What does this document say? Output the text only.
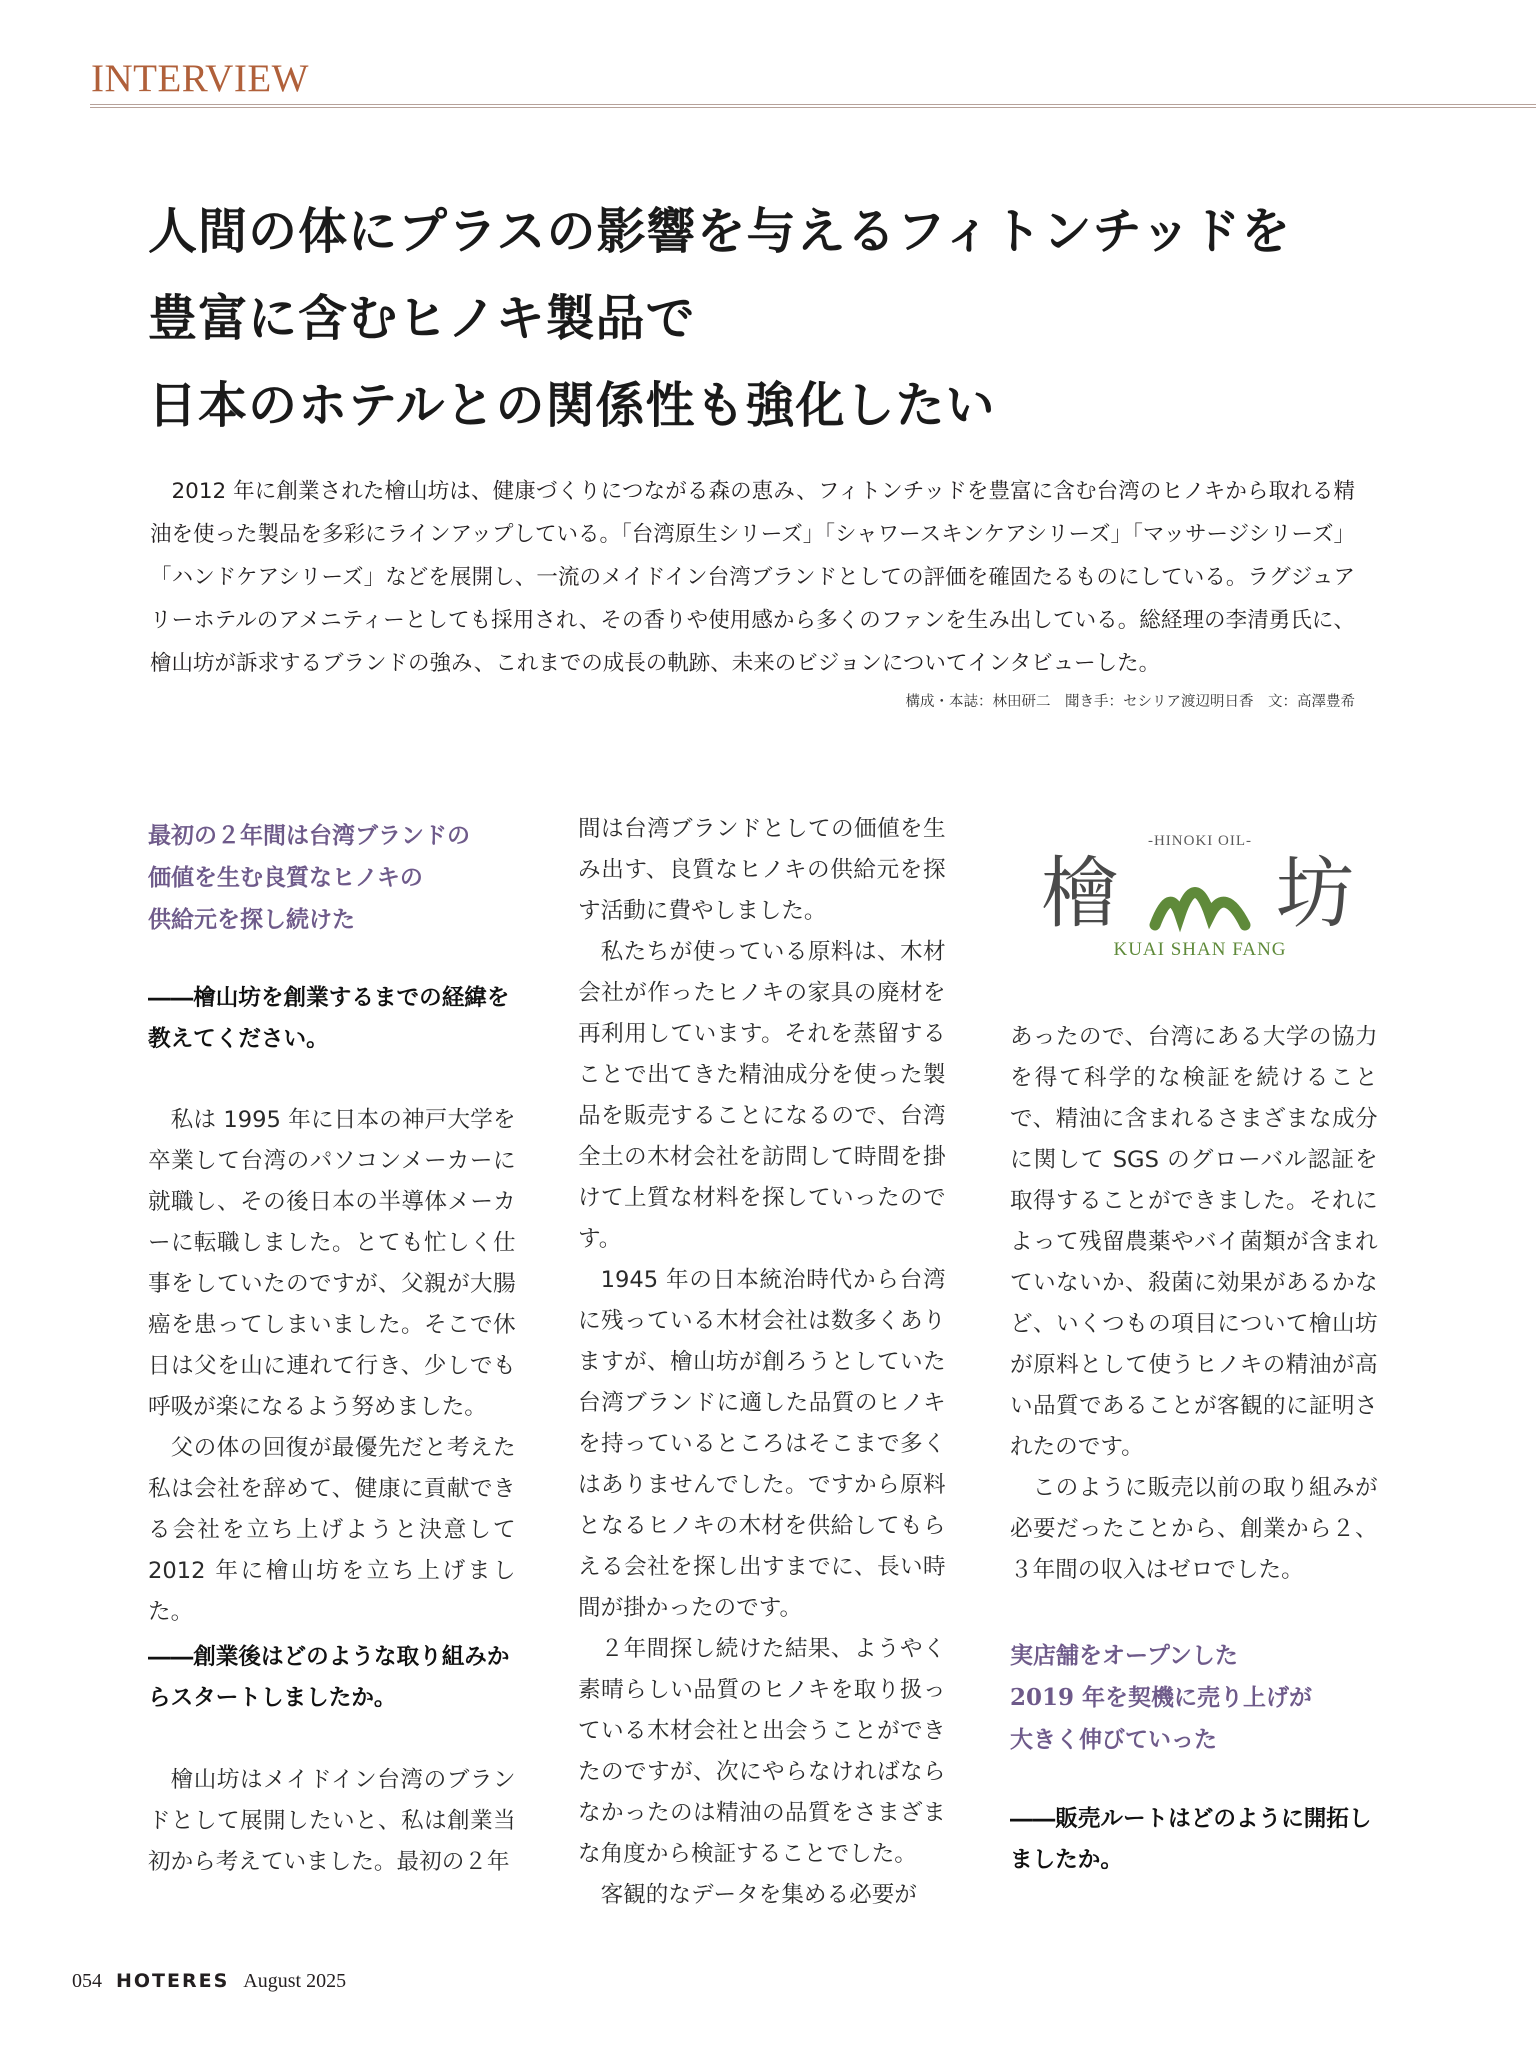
INTERVIEW
人間の体にプラスの影響を与えるフィトンチッドを
豊富に含むヒノキ製品で
日本のホテルとの関係性も強化したい
2012 年に創業された檜山坊は、健康づくりにつながる森の恵み、フィトンチッドを豊富に含む台湾のヒノキから取れる精油を使った製品を多彩にラインアップしている。「台湾原生シリーズ」「シャワースキンケアシリーズ」「マッサージシリーズ」「ハンドケアシリーズ」などを展開し、一流のメイドイン台湾ブランドとしての評価を確固たるものにしている。ラグジュアリーホテルのアメニティーとしても採用され、その香りや使用感から多くのファンを生み出している。総経理の李清勇氏に、檜山坊が訴求するブランドの強み、これまでの成長の軌跡、未来のビジョンについてインタビューした。
構成・本誌：林田研二　聞き手：セシリア渡辺明日香　文：高澤豊希
最初の２年間は台湾ブランドの
価値を生む良質なヒノキの
供給元を探し続けた
――檜山坊を創業するまでの経緯を教えてください。

私は 1995 年に日本の神戸大学を卒業して台湾のパソコンメーカーに就職し、その後日本の半導体メーカーに転職しました。とても忙しく仕事をしていたのですが、父親が大腸癌を患ってしまいました。そこで休日は父を山に連れて行き、少しでも呼吸が楽になるよう努めました。

父の体の回復が最優先だと考えた私は会社を辞めて、健康に貢献できる会社を立ち上げようと決意して2012 年に檜山坊を立ち上げました。

――創業後はどのような取り組みからスタートしましたか。

檜山坊はメイドイン台湾のブランドとして展開したいと、私は創業当初から考えていました。最初の２年

間は台湾ブランドとしての価値を生み出す、良質なヒノキの供給元を探す活動に費やしました。

私たちが使っている原料は、木材会社が作ったヒノキの家具の廃材を再利用しています。それを蒸留することで出てきた精油成分を使った製品を販売することになるので、台湾全土の木材会社を訪問して時間を掛けて上質な材料を探していったのです。

1945 年の日本統治時代から台湾に残っている木材会社は数多くありますが、檜山坊が創ろうとしていた台湾ブランドに適した品質のヒノキを持っているところはそこまで多くはありませんでした。ですから原料となるヒノキの木材を供給してもらえる会社を探し出すまでに、長い時間が掛かったのです。

２年間探し続けた結果、ようやく素晴らしい品質のヒノキを取り扱っている木材会社と出会うことができたのですが、次にやらなければならなかったのは精油の品質をさまざまな角度から検証することでした。

客観的なデータを集める必要が

-HINOKI OIL-
檜 坊
KUAI SHAN FANG

あったので、台湾にある大学の協力を得て科学的な検証を続けることで、精油に含まれるさまざまな成分に関して SGS のグローバル認証を取得することができました。それによって残留農薬やバイ菌類が含まれていないか、殺菌に効果があるかなど、いくつもの項目について檜山坊が原料として使うヒノキの精油が高い品質であることが客観的に証明されたのです。

このように販売以前の取り組みが必要だったことから、創業から２、３年間の収入はゼロでした。

実店舗をオープンした
2019 年を契機に売り上げが
大きく伸びていった
――販売ルートはどのように開拓しましたか。
054 HOTERES August 2025
